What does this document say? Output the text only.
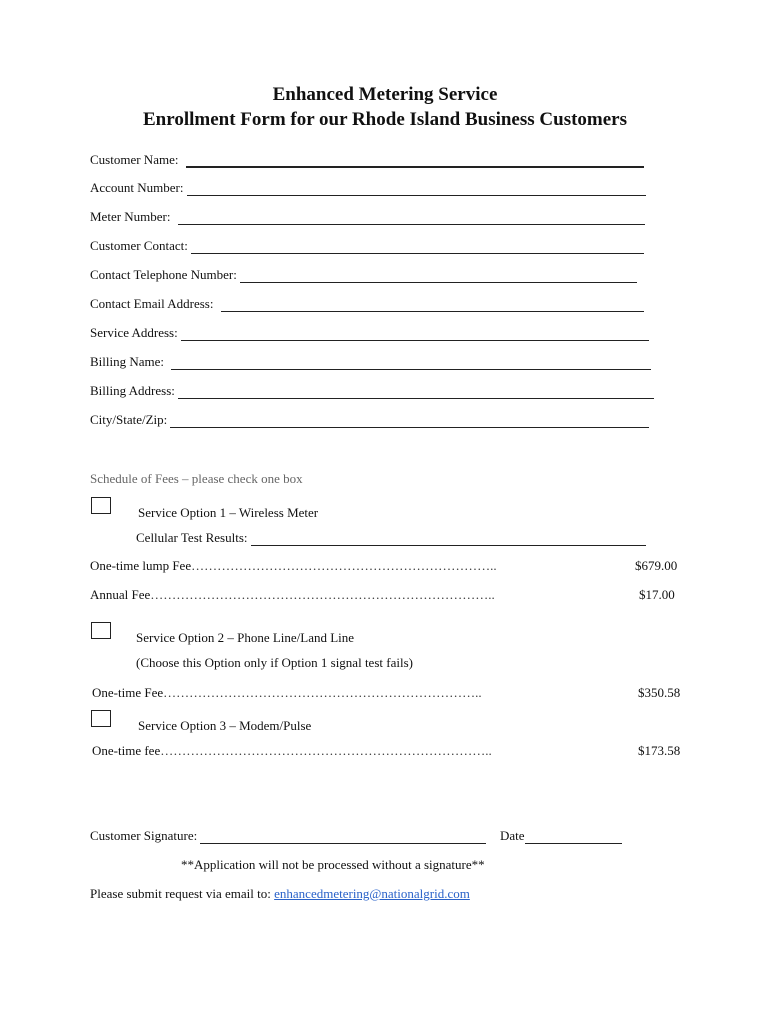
Enhanced Metering Service
Enrollment Form for our Rhode Island Business Customers
Customer Name:
Account Number:
Meter Number:
Customer Contact:
Contact Telephone Number:
Contact Email Address:
Service Address:
Billing Name:
Billing Address:
City/State/Zip:
Schedule of Fees – please check one box
Service Option 1 – Wireless Meter
Cellular Test Results:
One-time lump Fee……………………………………………………………..	$679.00
Annual Fee……………………………………………………………………..	$17.00
Service Option 2 – Phone Line/Land Line
(Choose this Option only if Option 1 signal test fails)
One-time Fee………………………………………………………………..	$350.58
Service Option 3 – Modem/Pulse
One-time fee…………………………………………………………………..	$173.58
Customer Signature:	Date
**Application will not be processed without a signature**
Please submit request via email to: enhancedmetering@nationalgrid.com
